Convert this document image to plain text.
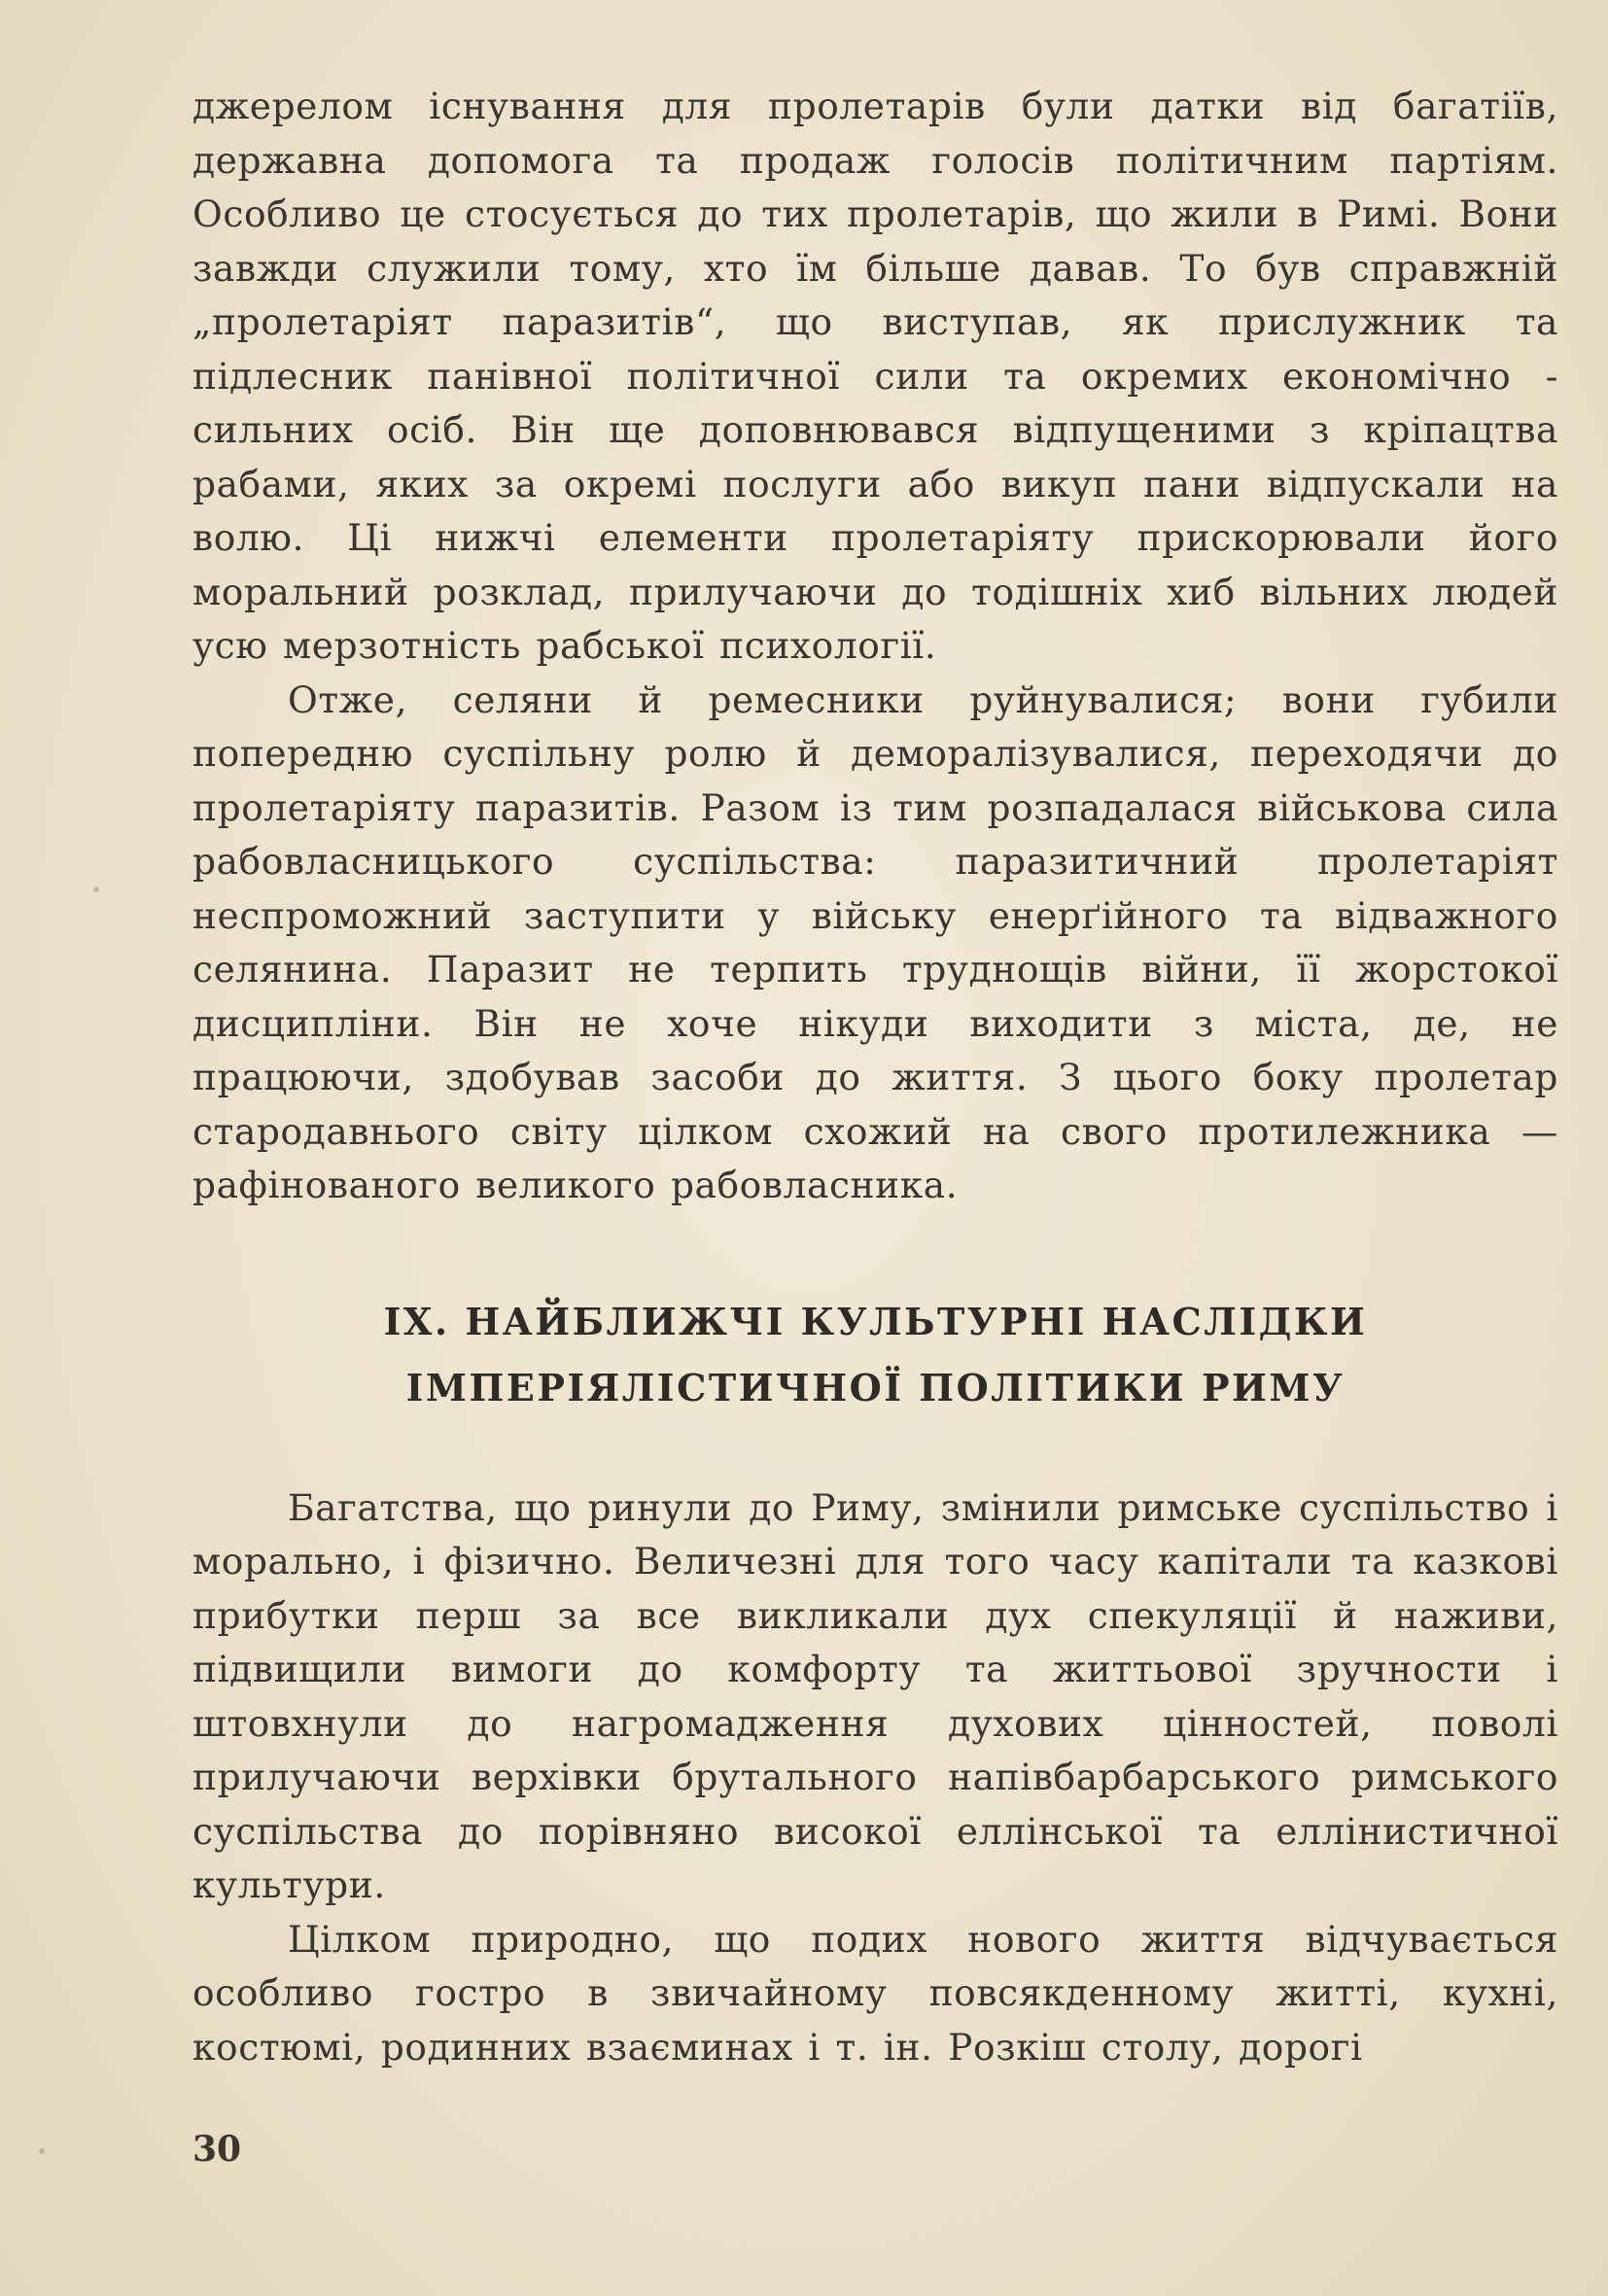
джерелом існування для пролетарів були датки від багатіїв, державна допомога та продаж голосів політичним партіям. Особливо це стосується до тих пролетарів, що жили в Римі. Вони завжди служили тому, хто їм більше давав. То був справжній „пролетаріят паразитів“, що виступав, як прислужник та підлесник панівної політичної сили та окремих економічно - сильних осіб. Він ще доповнювався відпущеними з кріпацтва рабами, яких за окремі послуги або викуп пани відпускали на волю. Ці нижчі елементи пролетаріяту прискорювали його моральний розклад, прилучаючи до тодішніх хиб вільних людей усю мерзотність рабської психології.

Отже, селяни й ремесники руйнувалися; вони губили попередню суспільну ролю й деморалізувалися, переходячи до пролетаріяту паразитів. Разом із тим розпадалася військова сила рабовласницького суспільства: паразитичний пролетаріят неспроможний заступити у війську енерґійного та відважного селянина. Паразит не терпить труднощів війни, її жорстокої дисципліни. Він не хоче нікуди виходити з міста, де, не працюючи, здобував засоби до життя. З цього боку пролетар стародавнього світу цілком схожий на свого протилежника — рафінованого великого рабовласника.

IX. НАЙБЛИЖЧІ КУЛЬТУРНІ НАСЛІДКИ ІМПЕРІЯЛІСТИЧНОЇ ПОЛІТИКИ РИМУ

Багатства, що ринули до Риму, змінили римське суспільство і морально, і фізично. Величезні для того часу капітали та казкові прибутки перш за все викликали дух спекуляції й наживи, підвищили вимоги до комфорту та життьової зручности і штовхнули до нагромадження духових цінностей, поволі прилучаючи верхівки брутального напівбарбарського римського суспільства до порівняно високої еллінської та еллінистичної культури.

Цілком природно, що подих нового життя відчувається особливо гостро в звичайному повсякденному житті, кухні, костюмі, родинних взаєминах і т. ін. Розкіш столу, дорогі

30
